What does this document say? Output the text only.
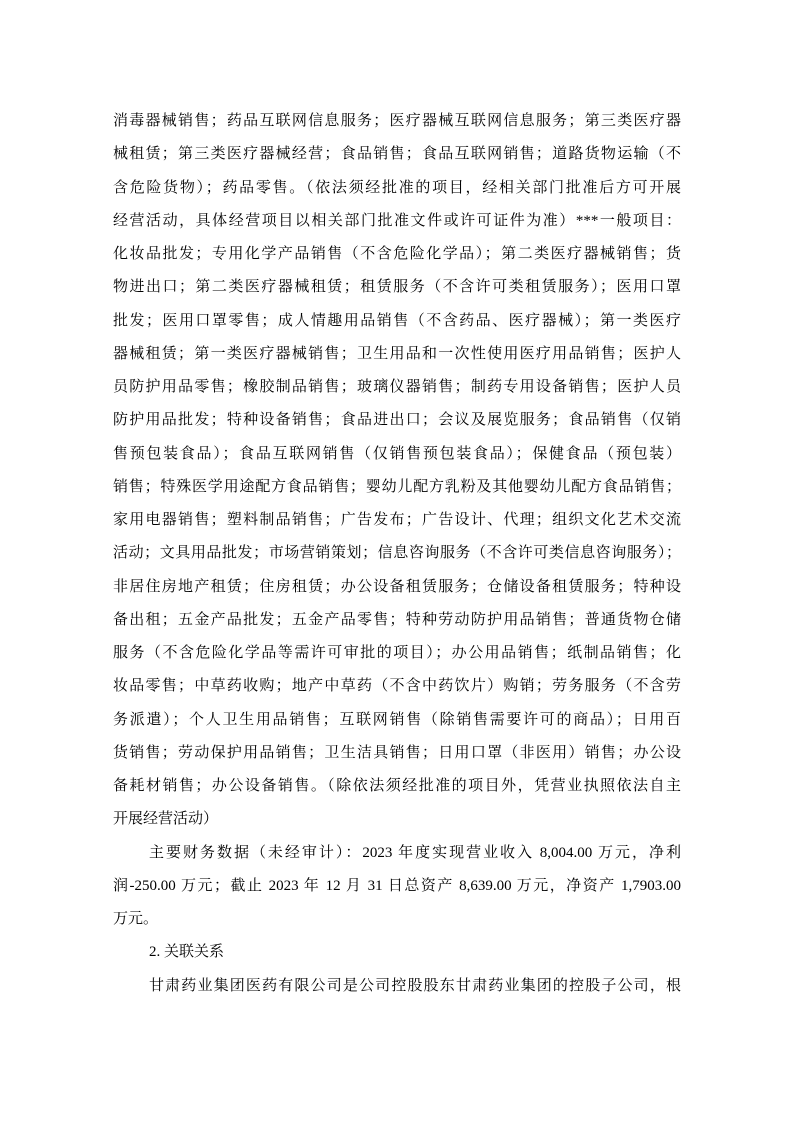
消毒器械销售；药品互联网信息服务；医疗器械互联网信息服务；第三类医疗器
械租赁；第三类医疗器械经营；食品销售；食品互联网销售；道路货物运输（不
含危险货物）；药品零售。（依法须经批准的项目，经相关部门批准后方可开展
经营活动，具体经营项目以相关部门批准文件或许可证件为准）***一般项目：
化妆品批发；专用化学产品销售（不含危险化学品）；第二类医疗器械销售；货
物进出口；第二类医疗器械租赁；租赁服务（不含许可类租赁服务）；医用口罩
批发；医用口罩零售；成人情趣用品销售（不含药品、医疗器械）；第一类医疗
器械租赁；第一类医疗器械销售；卫生用品和一次性使用医疗用品销售；医护人
员防护用品零售；橡胶制品销售；玻璃仪器销售；制药专用设备销售；医护人员
防护用品批发；特种设备销售；食品进出口；会议及展览服务；食品销售（仅销
售预包装食品）；食品互联网销售（仅销售预包装食品）；保健食品（预包装）
销售；特殊医学用途配方食品销售；婴幼儿配方乳粉及其他婴幼儿配方食品销售；
家用电器销售；塑料制品销售；广告发布；广告设计、代理；组织文化艺术交流
活动；文具用品批发；市场营销策划；信息咨询服务（不含许可类信息咨询服务）；
非居住房地产租赁；住房租赁；办公设备租赁服务；仓储设备租赁服务；特种设
备出租；五金产品批发；五金产品零售；特种劳动防护用品销售；普通货物仓储
服务（不含危险化学品等需许可审批的项目）；办公用品销售；纸制品销售；化
妆品零售；中草药收购；地产中草药（不含中药饮片）购销；劳务服务（不含劳
务派遣）；个人卫生用品销售；互联网销售（除销售需要许可的商品）；日用百
货销售；劳动保护用品销售；卫生洁具销售；日用口罩（非医用）销售；办公设
备耗材销售；办公设备销售。（除依法须经批准的项目外，凭营业执照依法自主
开展经营活动）
主要财务数据（未经审计）：2023 年度实现营业收入 8,004.00 万元，净利
润-250.00 万元；截止 2023 年 12 月 31 日总资产 8,639.00 万元，净资产 1,7903.00
万元。
2. 关联关系
甘肃药业集团医药有限公司是公司控股股东甘肃药业集团的控股子公司，根
